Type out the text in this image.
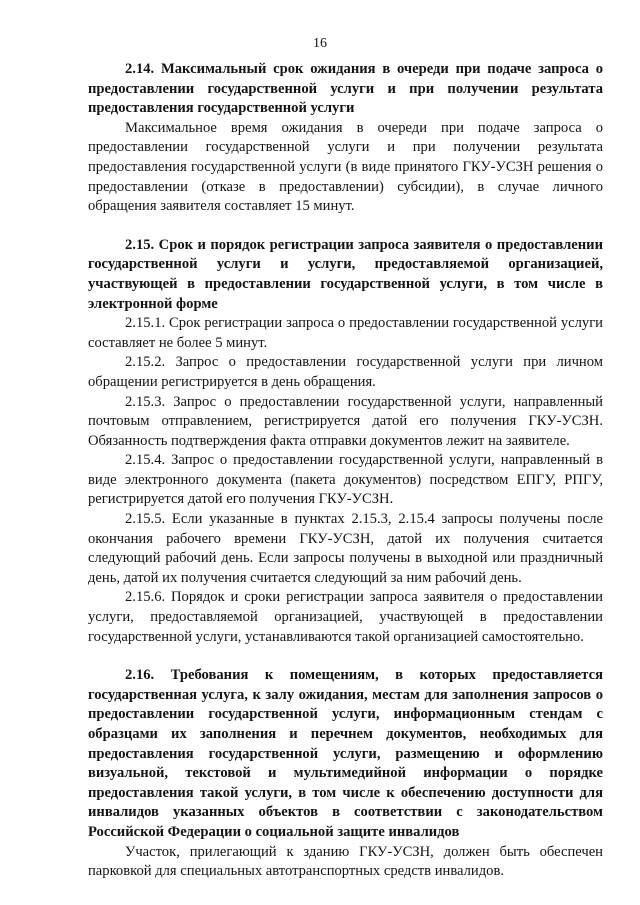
16

2.14. Максимальный срок ожидания в очереди при подаче запроса о предоставлении государственной услуги и при получении результата предоставления государственной услуги

Максимальное время ожидания в очереди при подаче запроса о предоставлении государственной услуги и при получении результата предоставления государственной услуги (в виде принятого ГКУ-УСЗН решения о предоставлении (отказе в предоставлении) субсидии), в случае личного обращения заявителя составляет 15 минут.

2.15. Срок и порядок регистрации запроса заявителя о предоставлении государственной услуги и услуги, предоставляемой организацией, участвующей в предоставлении государственной услуги, в том числе в электронной форме

2.15.1. Срок регистрации запроса о предоставлении государственной услуги составляет не более 5 минут.

2.15.2. Запрос о предоставлении государственной услуги при личном обращении регистрируется в день обращения.

2.15.3. Запрос о предоставлении государственной услуги, направленный почтовым отправлением, регистрируется датой его получения ГКУ-УСЗН. Обязанность подтверждения факта отправки документов лежит на заявителе.

2.15.4. Запрос о предоставлении государственной услуги, направленный в виде электронного документа (пакета документов) посредством ЕПГУ, РПГУ, регистрируется датой его получения ГКУ-УСЗН.

2.15.5. Если указанные в пунктах 2.15.3, 2.15.4 запросы получены после окончания рабочего времени ГКУ-УСЗН, датой их получения считается следующий рабочий день. Если запросы получены в выходной или праздничный день, датой их получения считается следующий за ним рабочий день.

2.15.6. Порядок и сроки регистрации запроса заявителя о предоставлении услуги, предоставляемой организацией, участвующей в предоставлении государственной услуги, устанавливаются такой организацией самостоятельно.

2.16. Требования к помещениям, в которых предоставляется государственная услуга, к залу ожидания, местам для заполнения запросов о предоставлении государственной услуги, информационным стендам с образцами их заполнения и перечнем документов, необходимых для предоставления государственной услуги, размещению и оформлению визуальной, текстовой и мультимедийной информации о порядке предоставления такой услуги, в том числе к обеспечению доступности для инвалидов указанных объектов в соответствии с законодательством Российской Федерации о социальной защите инвалидов

Участок, прилегающий к зданию ГКУ-УСЗН, должен быть обеспечен парковкой для специальных автотранспортных средств инвалидов.
